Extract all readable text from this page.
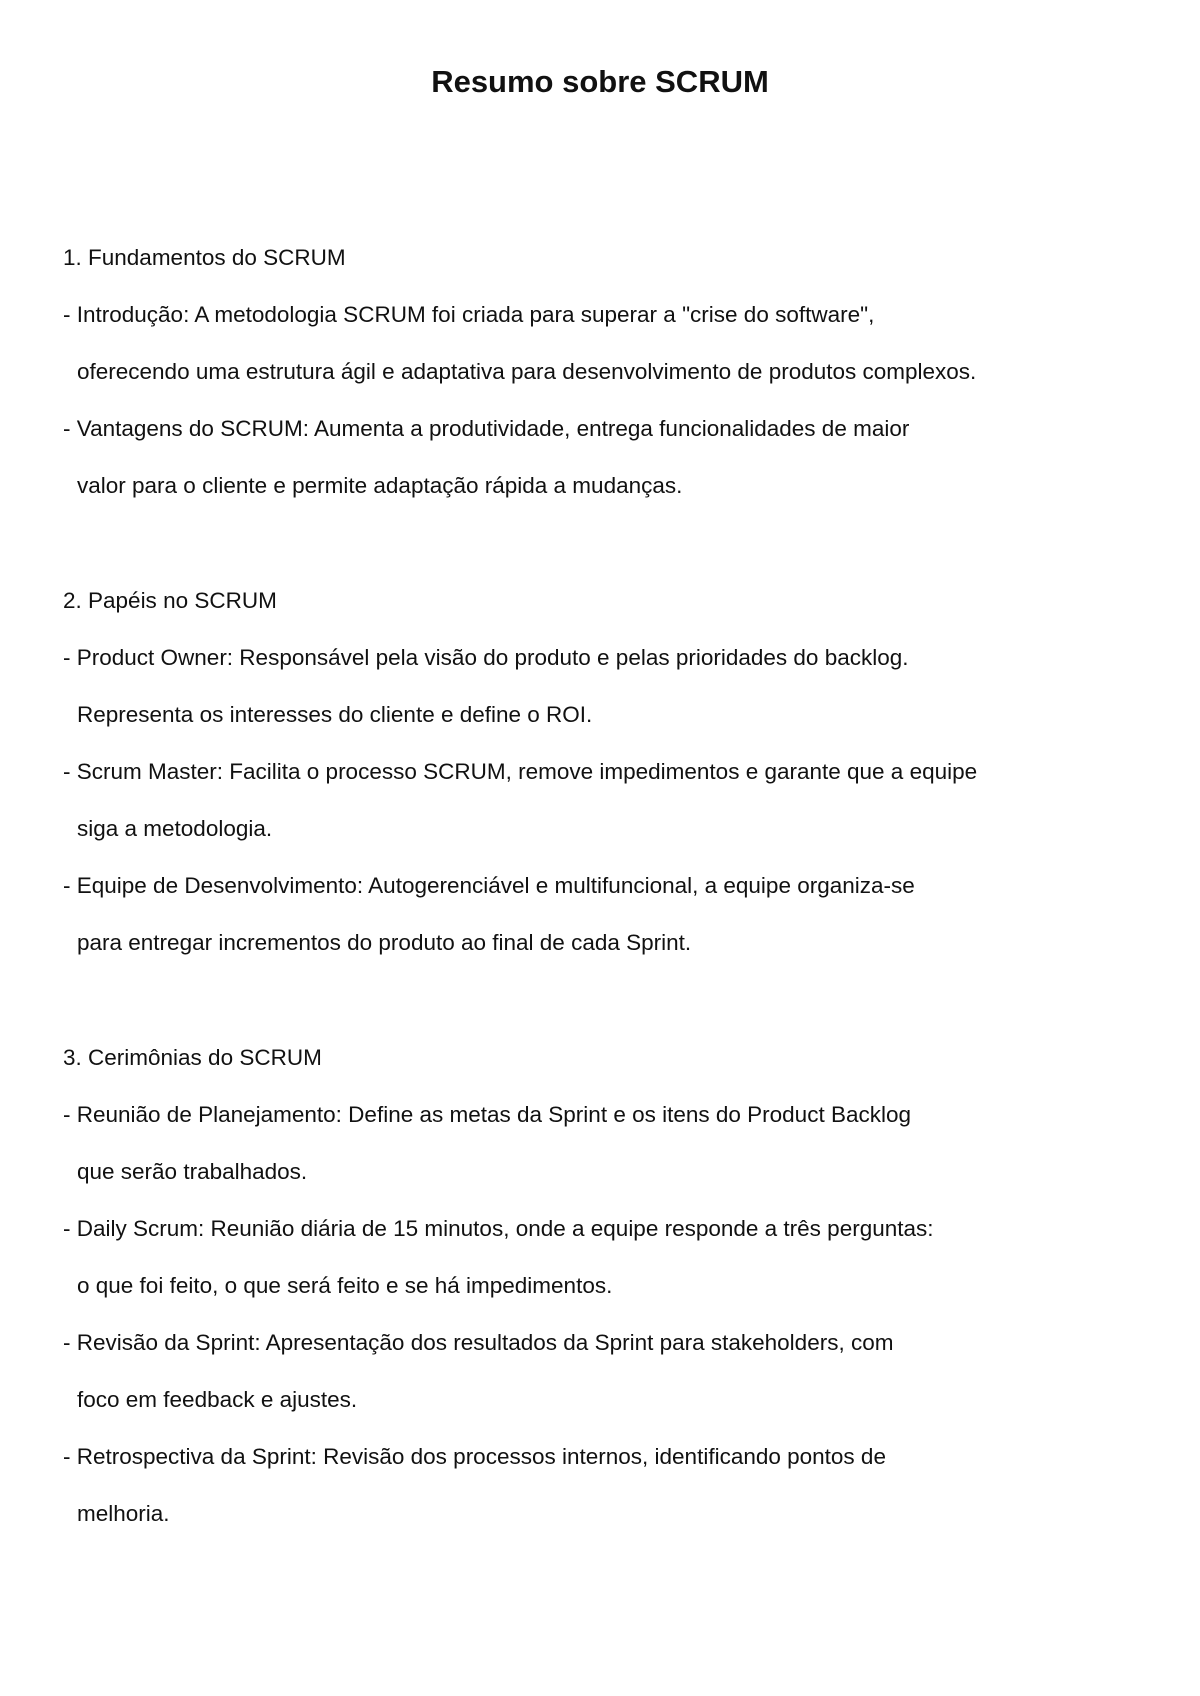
Resumo sobre SCRUM

1. Fundamentos do SCRUM

- Introdução: A metodologia SCRUM foi criada para superar a "crise do software",

oferecendo uma estrutura ágil e adaptativa para desenvolvimento de produtos complexos.

- Vantagens do SCRUM: Aumenta a produtividade, entrega funcionalidades de maior

valor para o cliente e permite adaptação rápida a mudanças.

2. Papéis no SCRUM

- Product Owner: Responsável pela visão do produto e pelas prioridades do backlog.

Representa os interesses do cliente e define o ROI.

- Scrum Master: Facilita o processo SCRUM, remove impedimentos e garante que a equipe

siga a metodologia.

- Equipe de Desenvolvimento: Autogerenciável e multifuncional, a equipe organiza-se

para entregar incrementos do produto ao final de cada Sprint.

3. Cerimônias do SCRUM

- Reunião de Planejamento: Define as metas da Sprint e os itens do Product Backlog

que serão trabalhados.

- Daily Scrum: Reunião diária de 15 minutos, onde a equipe responde a três perguntas:

o que foi feito, o que será feito e se há impedimentos.

- Revisão da Sprint: Apresentação dos resultados da Sprint para stakeholders, com

foco em feedback e ajustes.

- Retrospectiva da Sprint: Revisão dos processos internos, identificando pontos de

melhoria.
